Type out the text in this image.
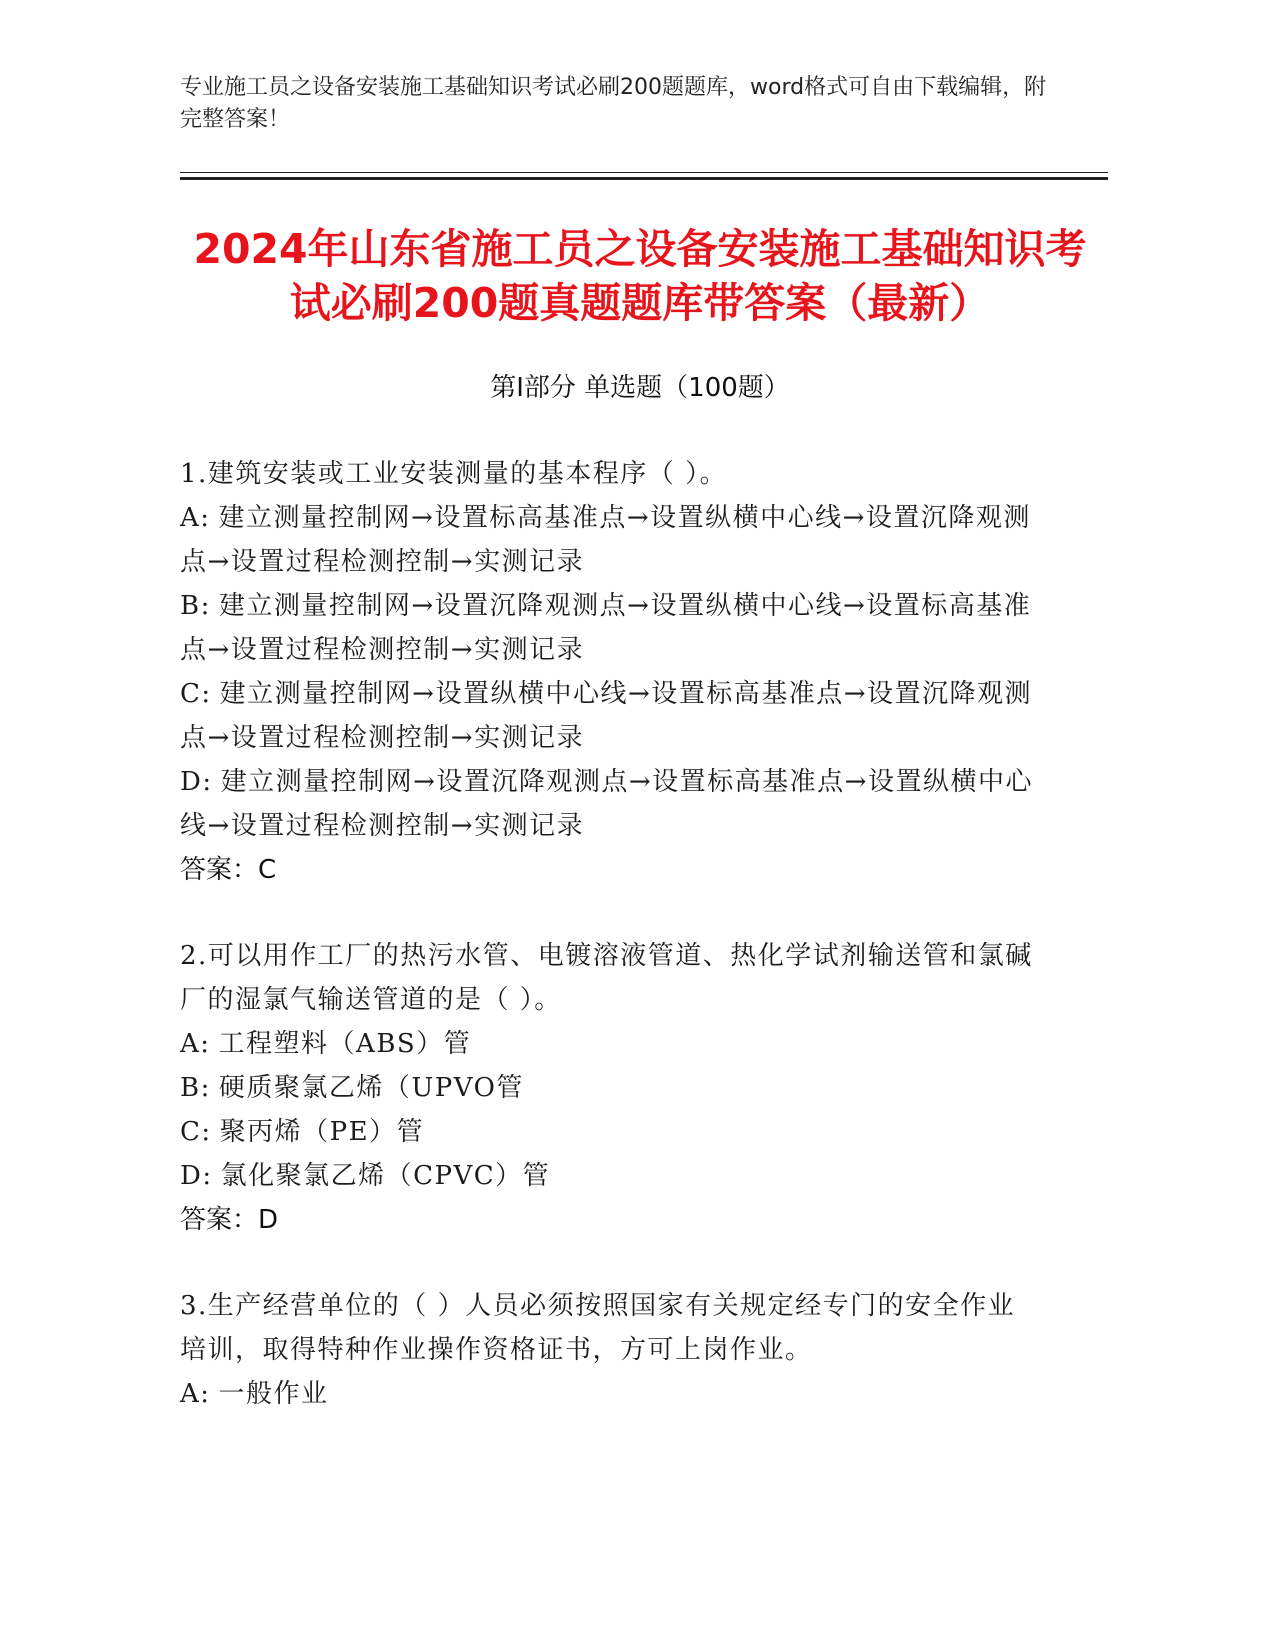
专业施工员之设备安装施工基础知识考试必刷200题题库，word格式可自由下载编辑，附完整答案！
2024年山东省施工员之设备安装施工基础知识考试必刷200题真题题库带答案（最新）
第Ⅰ部分 单选题（100题）
1.建筑安装或工业安装测量的基本程序（ ）。
A: 建立测量控制网→设置标高基准点→设置纵横中心线→设置沉降观测点→设置过程检测控制→实测记录
B: 建立测量控制网→设置沉降观测点→设置纵横中心线→设置标高基准点→设置过程检测控制→实测记录
C: 建立测量控制网→设置纵横中心线→设置标高基准点→设置沉降观测点→设置过程检测控制→实测记录
D: 建立测量控制网→设置沉降观测点→设置标高基准点→设置纵横中心线→设置过程检测控制→实测记录
答案：C
2.可以用作工厂的热污水管、电镀溶液管道、热化学试剂输送管和氯碱厂的湿氯气输送管道的是（ ）。
A: 工程塑料（ABS）管
B: 硬质聚氯乙烯（UPVO管
C: 聚丙烯（PE）管
D: 氯化聚氯乙烯（CPVC）管
答案：D
3.生产经营单位的（ ）人员必须按照国家有关规定经专门的安全作业培训，取得特种作业操作资格证书，方可上岗作业。
A: 一般作业
